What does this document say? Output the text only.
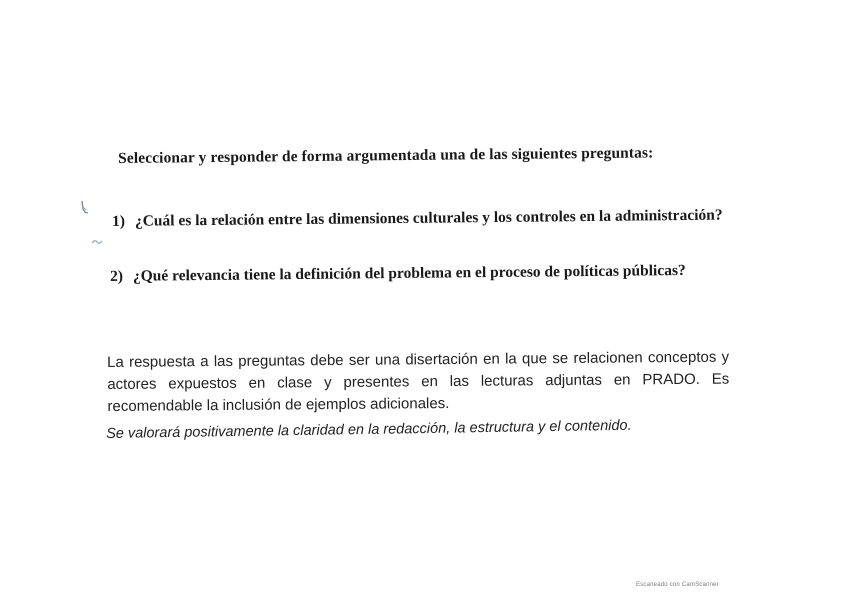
Seleccionar y responder de forma argumentada una de las siguientes preguntas:
1) ¿Cuál es la relación entre las dimensiones culturales y los controles en la administración?
2) ¿Qué relevancia tiene la definición del problema en el proceso de políticas públicas?
La respuesta a las preguntas debe ser una disertación en la que se relacionen conceptos y actores expuestos en clase y presentes en las lecturas adjuntas en PRADO. Es recomendable la inclusión de ejemplos adicionales.
Se valorará positivamente la claridad en la redacción, la estructura y el contenido.
Escaneado con CamScanner
